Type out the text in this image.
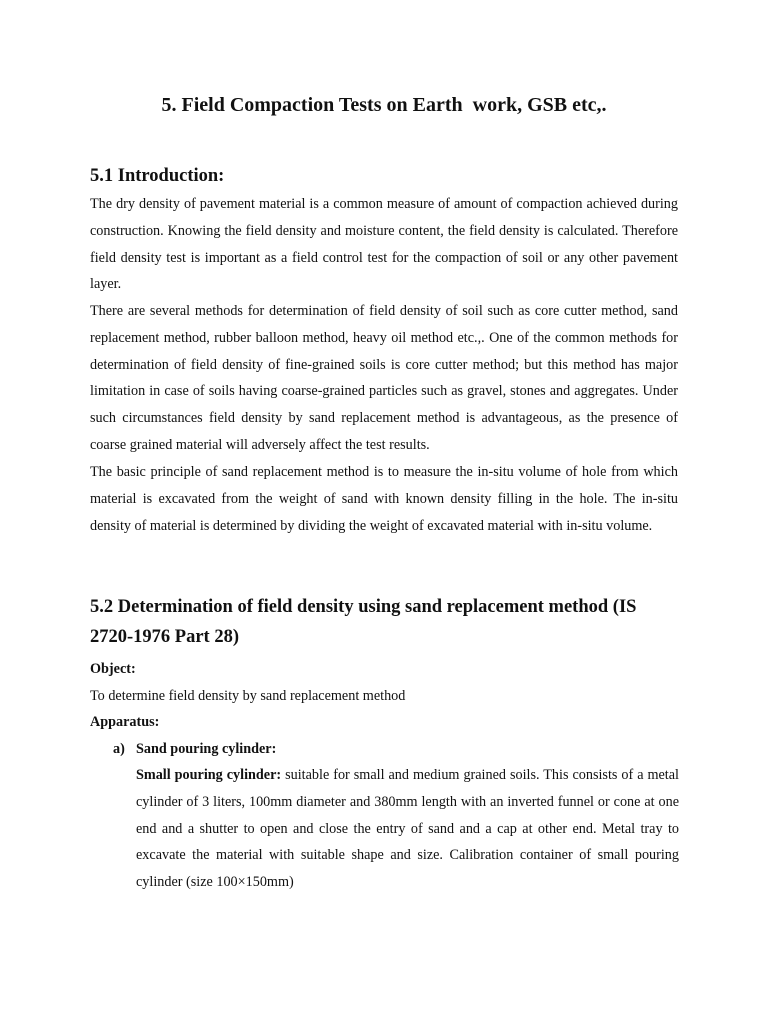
5. Field Compaction Tests on Earth  work, GSB etc,.
5.1 Introduction:

The dry density of pavement material is a common measure of amount of compaction achieved during construction. Knowing the field density and moisture content, the field density is calculated. Therefore field density test is important as a field control test for the compaction of soil or any other pavement layer.

There are several methods for determination of field density of soil such as core cutter method, sand replacement method, rubber balloon method, heavy oil method etc.,. One of the common methods for determination of field density of fine-grained soils is core cutter method; but this method has major limitation in case of soils having coarse-grained particles such as gravel, stones and aggregates. Under such circumstances field density by sand replacement method is advantageous, as the presence of coarse grained material will adversely affect the test results.

The basic principle of sand replacement method is to measure the in-situ volume of hole from which material is excavated from the weight of sand with known density filling in the hole. The in-situ density of material is determined by dividing the weight of excavated material with in-situ volume.

5.2 Determination of field density using sand replacement method (IS 2720-1976 Part 28)
Object:
To determine field density by sand replacement method
Apparatus:
a) Sand pouring cylinder:

Small pouring cylinder: suitable for small and medium grained soils. This consists of a metal cylinder of 3 liters, 100mm diameter and 380mm length with an inverted funnel or cone at one end and a shutter to open and close the entry of sand and a cap at other end. Metal tray to excavate the material with suitable shape and size. Calibration container of small pouring cylinder (size 100×150mm)
